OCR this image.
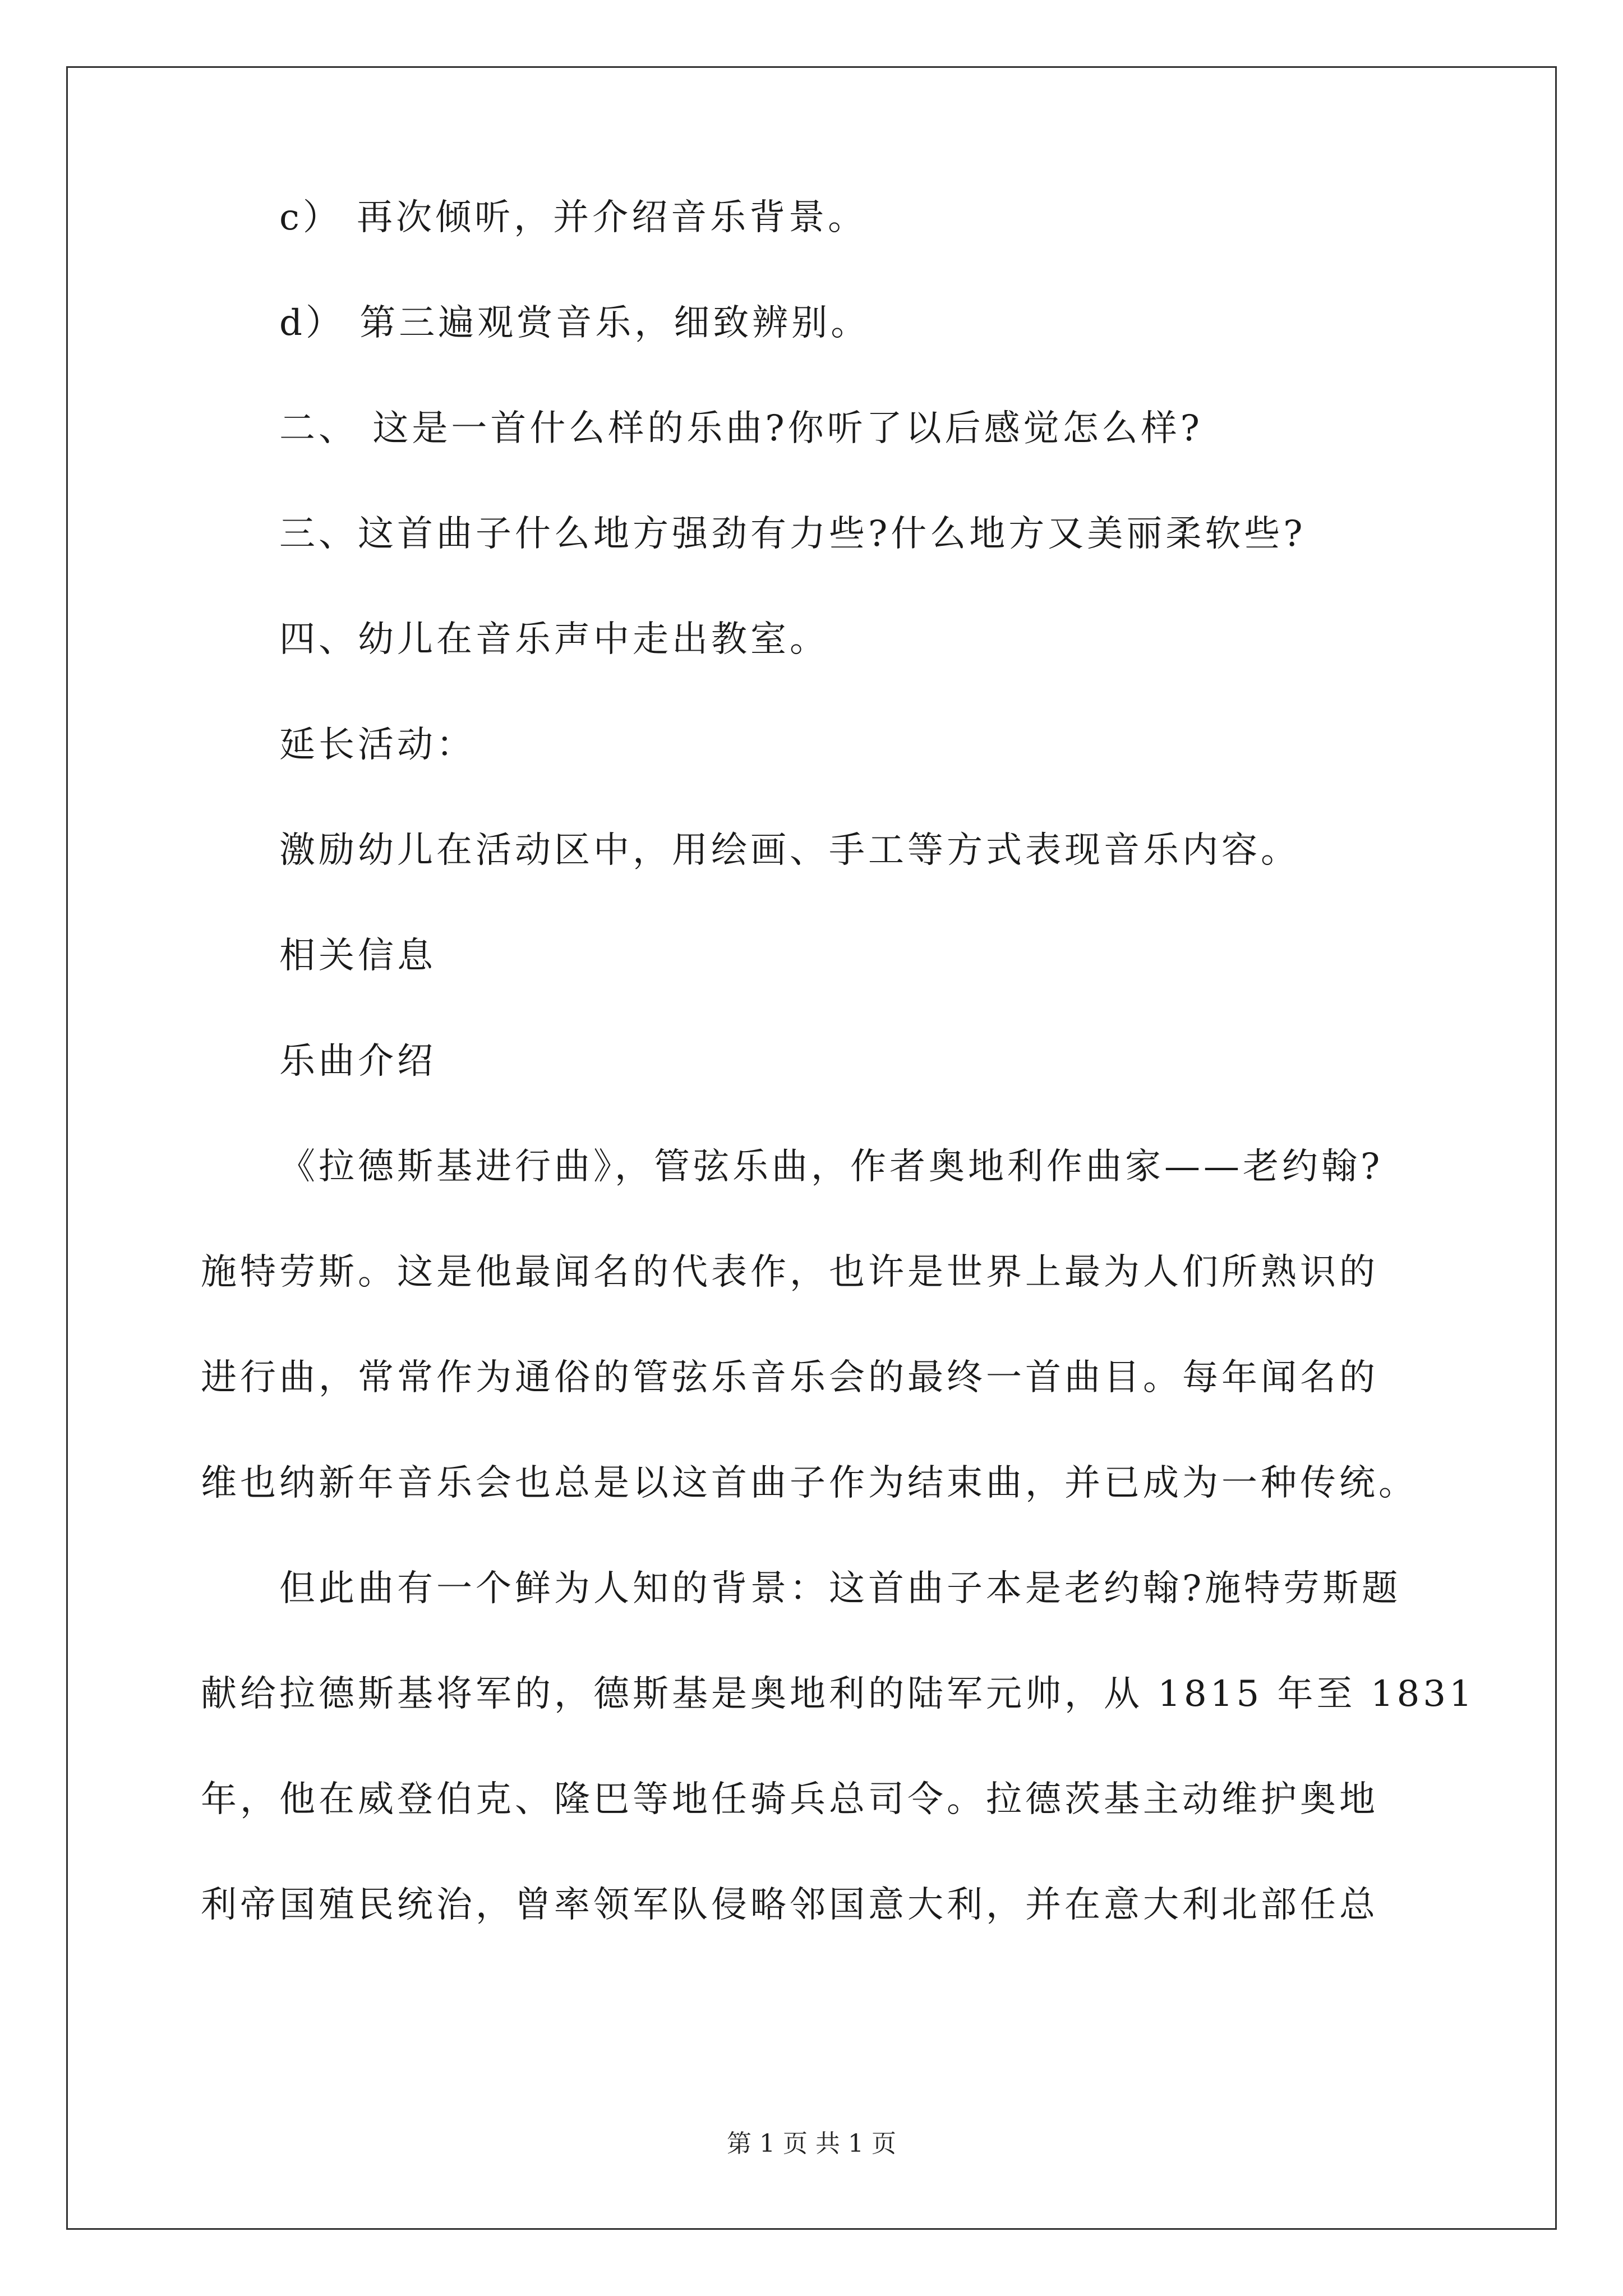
c） 再次倾听，并介绍音乐背景。
d） 第三遍观赏音乐，细致辨别。
二、 这是一首什么样的乐曲?你听了以后感觉怎么样?
三、这首曲子什么地方强劲有力些?什么地方又美丽柔软些?
四、幼儿在音乐声中走出教室。
延长活动：
激励幼儿在活动区中，用绘画、手工等方式表现音乐内容。
相关信息
乐曲介绍
《拉德斯基进行曲》，管弦乐曲，作者奥地利作曲家——老约翰?
施特劳斯。这是他最闻名的代表作，也许是世界上最为人们所熟识的
进行曲，常常作为通俗的管弦乐音乐会的最终一首曲目。每年闻名的
维也纳新年音乐会也总是以这首曲子作为结束曲，并已成为一种传统。
但此曲有一个鲜为人知的背景：这首曲子本是老约翰?施特劳斯题
献给拉德斯基将军的，德斯基是奥地利的陆军元帅，从 1815 年至 1831
年，他在威登伯克、隆巴等地任骑兵总司令。拉德茨基主动维护奥地
利帝国殖民统治，曾率领军队侵略邻国意大利，并在意大利北部任总
第 1 页 共 1 页
